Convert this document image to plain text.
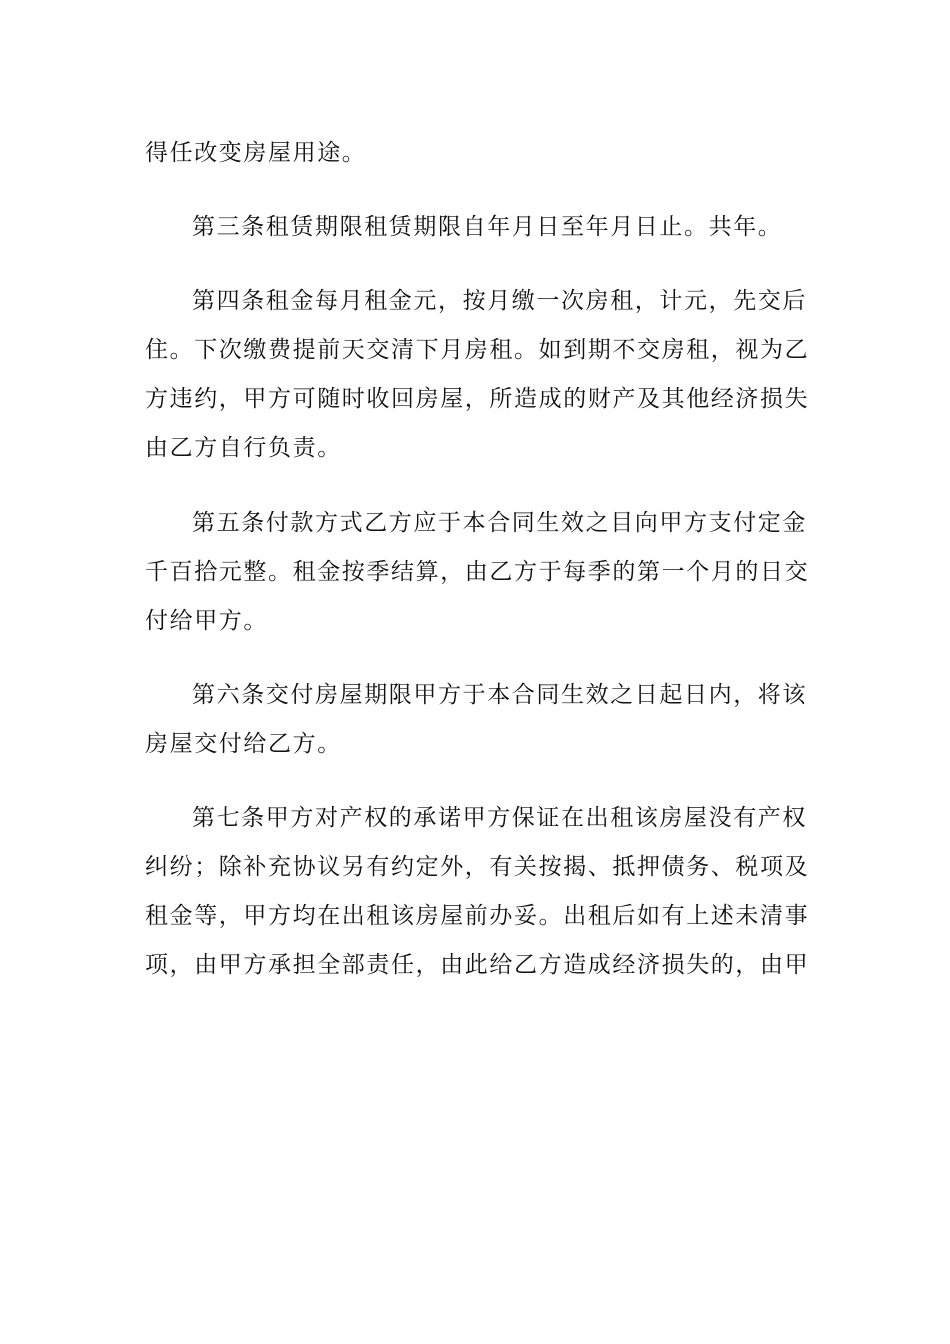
得任改变房屋用途。
第三条租赁期限租赁期限自年月日至年月日止。共年。
第四条租金每月租金元，按月缴一次房租，计元，先交后
住。下次缴费提前天交清下月房租。如到期不交房租，视为乙
方违约，甲方可随时收回房屋，所造成的财产及其他经济损失
由乙方自行负责。
第五条付款方式乙方应于本合同生效之目向甲方支付定金
千百拾元整。租金按季结算，由乙方于每季的第一个月的日交
付给甲方。
第六条交付房屋期限甲方于本合同生效之日起日内，将该
房屋交付给乙方。
第七条甲方对产权的承诺甲方保证在出租该房屋没有产权
纠纷；除补充协议另有约定外，有关按揭、抵押债务、税项及
租金等，甲方均在出租该房屋前办妥。出租后如有上述未清事
项，由甲方承担全部责任，由此给乙方造成经济损失的，由甲
